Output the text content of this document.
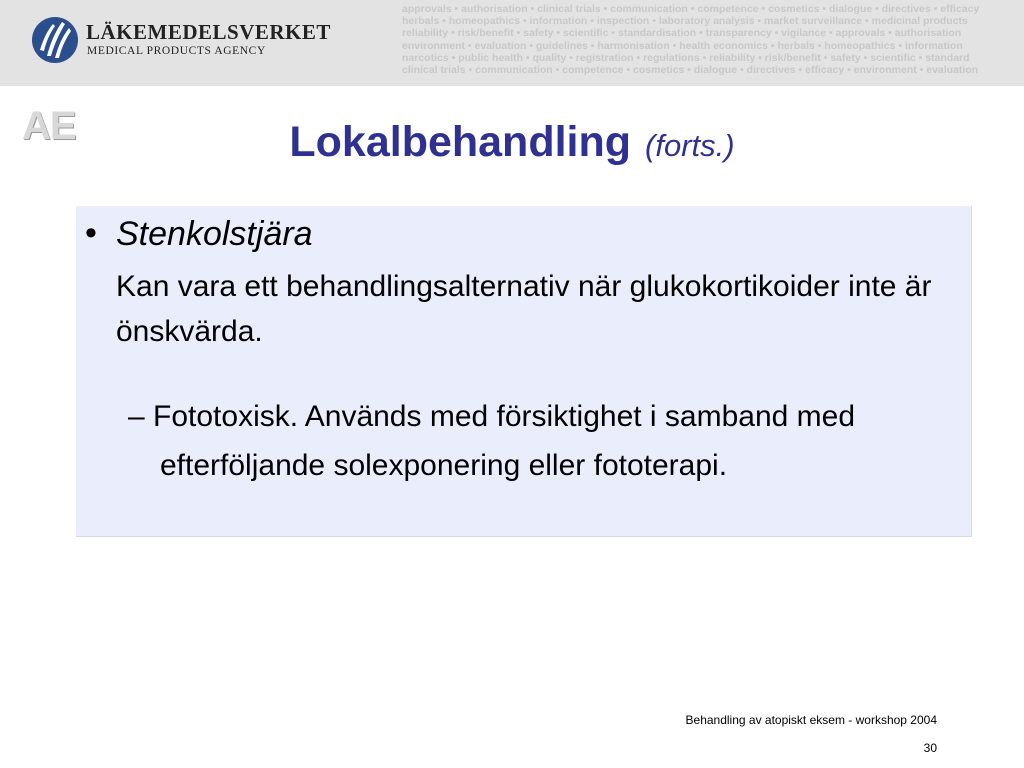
LÄKEMEDELSVERKET
MEDICAL PRODUCTS AGENCY
approvals • authorisation • clinical trials • communication • competence • cosmetics • dialogue • directives • efficacy
herbals • homeopathics • information • inspection • laboratory analysis • market surveillance • medicinal products
reliability • risk/benefit • safety • scientific • standardisation • transparency • vigilance • approvals • authorisation
environment • evaluation • guidelines • harmonisation • health economics • herbals • homeopathics • information
narcotics • public health • quality • registration • regulations • reliability • risk/benefit • safety • scientific • standard
clinical trials • communication • competence • cosmetics • dialogue • directives • efficacy • environment • evaluation
AE	Lokalbehandling (forts.)
• Stenkolstjära
Kan vara ett behandlingsalternativ när glukokortikoider inte är önskvärda.
– Fototoxisk. Används med försiktighet i samband med efterföljande solexponering eller fototerapi.
Behandling av atopiskt eksem - workshop 2004
30
